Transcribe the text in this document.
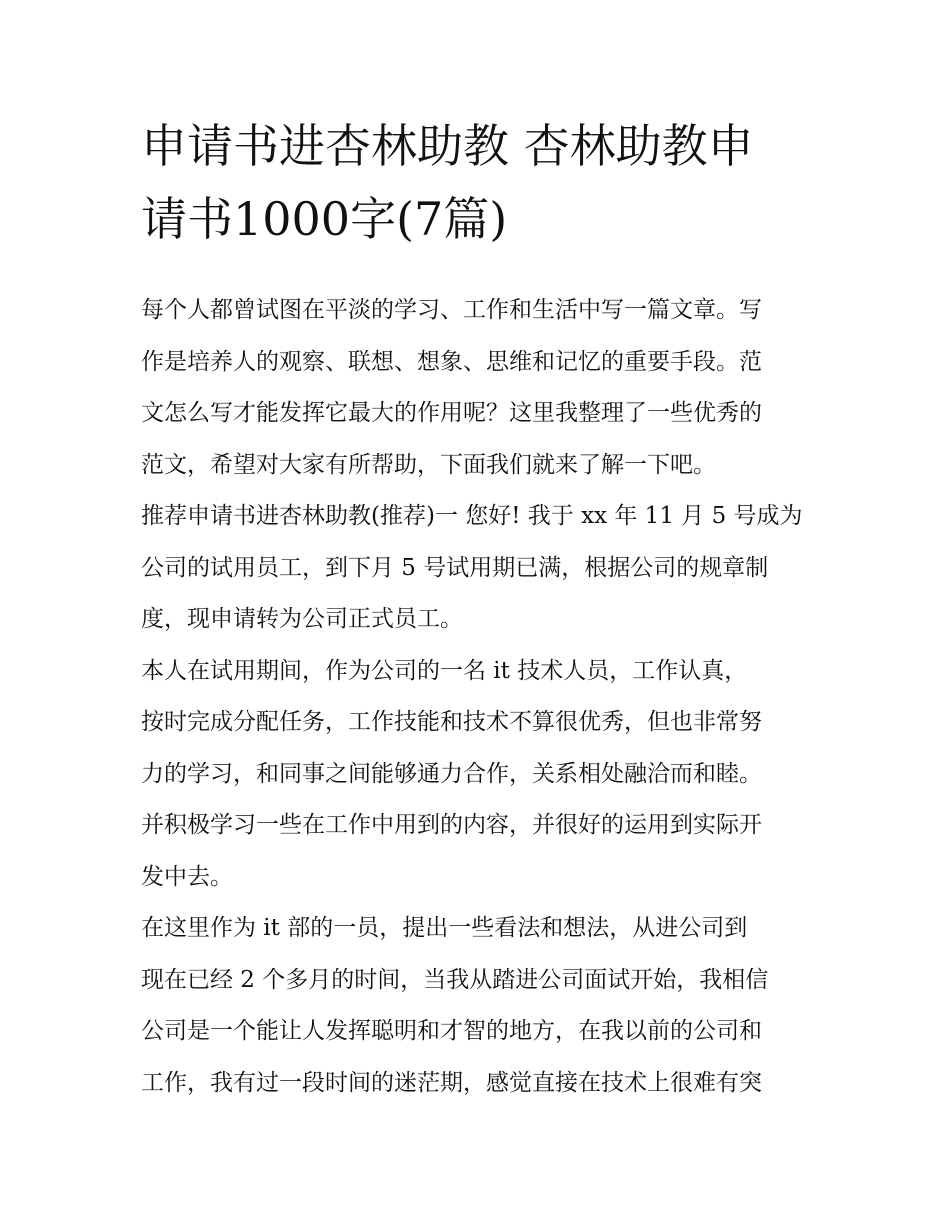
申请书进杏林助教 杏林助教申
请书1000字(7篇)

每个人都曾试图在平淡的学习、工作和生活中写一篇文章。写
作是培养人的观察、联想、想象、思维和记忆的重要手段。范
文怎么写才能发挥它最大的作用呢？这里我整理了一些优秀的
范文，希望对大家有所帮助，下面我们就来了解一下吧。

推荐申请书进杏林助教(推荐)一 您好! 我于 xx 年 11 月 5 号成为
公司的试用员工，到下月 5 号试用期已满，根据公司的规章制
度，现申请转为公司正式员工。

本人在试用期间，作为公司的一名 it 技术人员，工作认真，
按时完成分配任务，工作技能和技术不算很优秀，但也非常努
力的学习，和同事之间能够通力合作，关系相处融洽而和睦。
并积极学习一些在工作中用到的内容，并很好的运用到实际开
发中去。

在这里作为 it 部的一员，提出一些看法和想法，从进公司到
现在已经 2 个多月的时间，当我从踏进公司面试开始，我相信
公司是一个能让人发挥聪明和才智的地方，在我以前的公司和
工作，我有过一段时间的迷茫期，感觉直接在技术上很难有突
